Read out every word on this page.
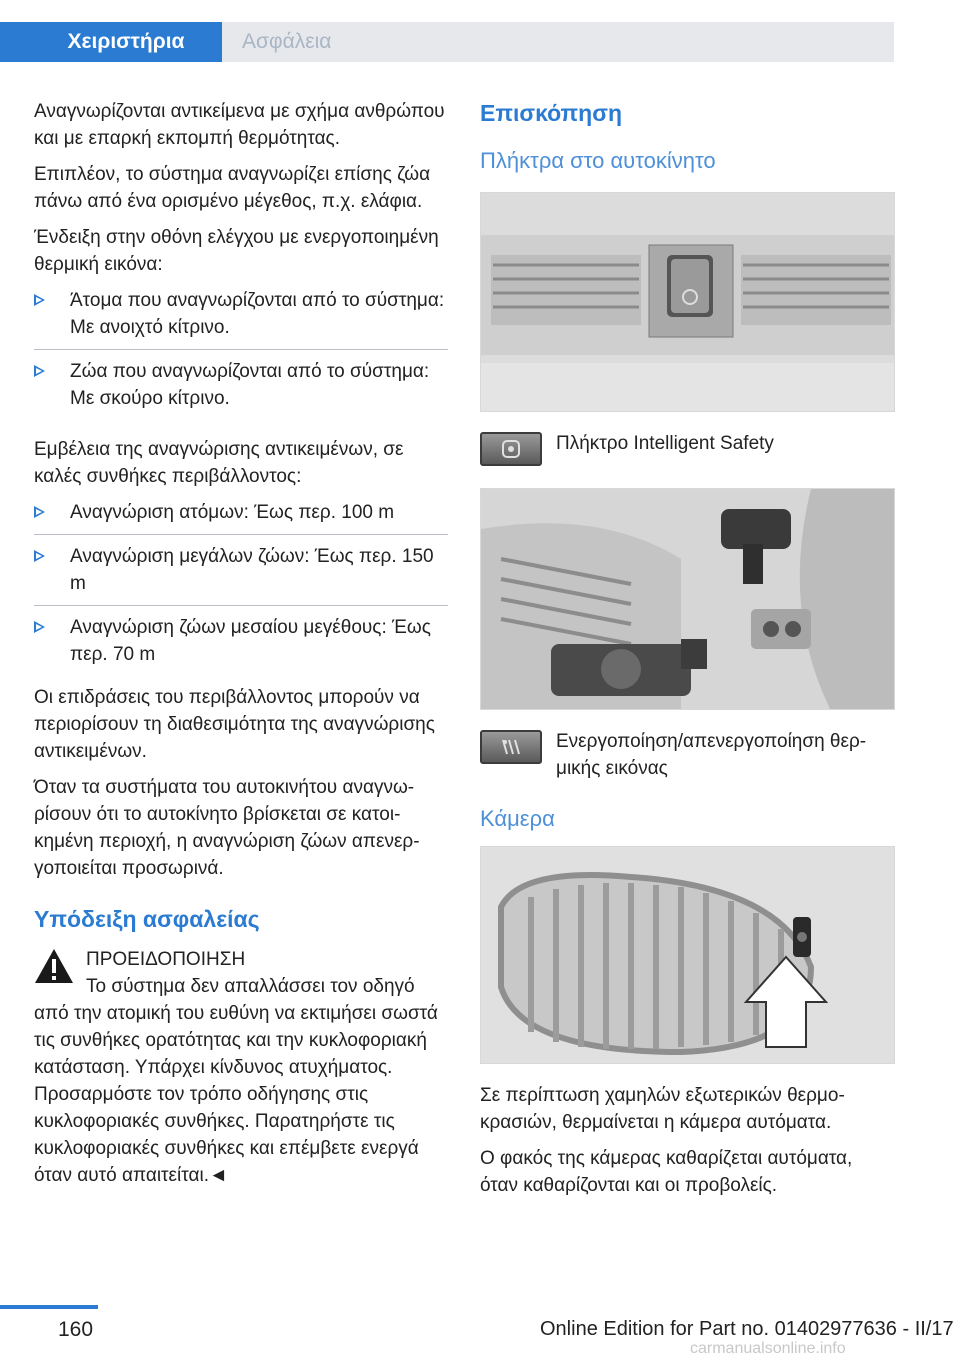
Χειριστήρια	Ασφάλεια

Αναγνωρίζονται αντικείμενα με σχήμα ανθρώπου και με επαρκή εκπομπή θερμότητας.

Επιπλέον, το σύστημα αναγνωρίζει επίσης ζώα πάνω από ένα ορισμένο μέγεθος, π.χ. ελάφια.

Ένδειξη στην οθόνη ελέγχου με ενεργοποιημένη θερμική εικόνα:

Άτομα που αναγνωρίζονται από το σύστημα: Με ανοιχτό κίτρινο.
Ζώα που αναγνωρίζονται από το σύστημα: Με σκούρο κίτρινο.

Εμβέλεια της αναγνώρισης αντικειμένων, σε καλές συνθήκες περιβάλλοντος:

Αναγνώριση ατόμων: Έως περ. 100 m
Αναγνώριση μεγάλων ζώων: Έως περ. 150 m
Αναγνώριση ζώων μεσαίου μεγέθους: Έως περ. 70 m

Οι επιδράσεις του περιβάλλοντος μπορούν να περιορίσουν τη διαθεσιμότητα της αναγνώρισης αντικειμένων.

Όταν τα συστήματα του αυτοκινήτου αναγνωρίσουν ότι το αυτοκίνητο βρίσκεται σε κατοικημένη περιοχή, η αναγνώριση ζώων απενεργοποιείται προσωρινά.

Υπόδειξη ασφαλείας
ΠΡΟΕΙΔΟΠΟΙΗΣΗ
Το σύστημα δεν απαλλάσσει τον οδηγό
από την ατομική του ευθύνη να εκτιμήσει σωστά τις συνθήκες ορατότητας και την κυκλοφοριακή κατάσταση. Υπάρχει κίνδυνος ατυχήματος. Προσαρμόστε τον τρόπο οδήγησης στις κυκλοφοριακές συνθήκες. Παρατηρήστε τις κυκλοφοριακές συνθήκες και επέμβετε ενεργά όταν αυτό απαιτείται.◄
Επισκόπηση
Πλήκτρα στο αυτοκίνητο
Πλήκτρο Intelligent Safety
Ενεργοποίηση/απενεργοποίηση θερμικής εικόνας
Κάμερα

Σε περίπτωση χαμηλών εξωτερικών θερμοκρασιών, θερμαίνεται η κάμερα αυτόματα.

Ο φακός της κάμερας καθαρίζεται αυτόματα, όταν καθαρίζονται και οι προβολείς.

160	Online Edition for Part no. 01402977636 - II/17
carmanualsonline.info
